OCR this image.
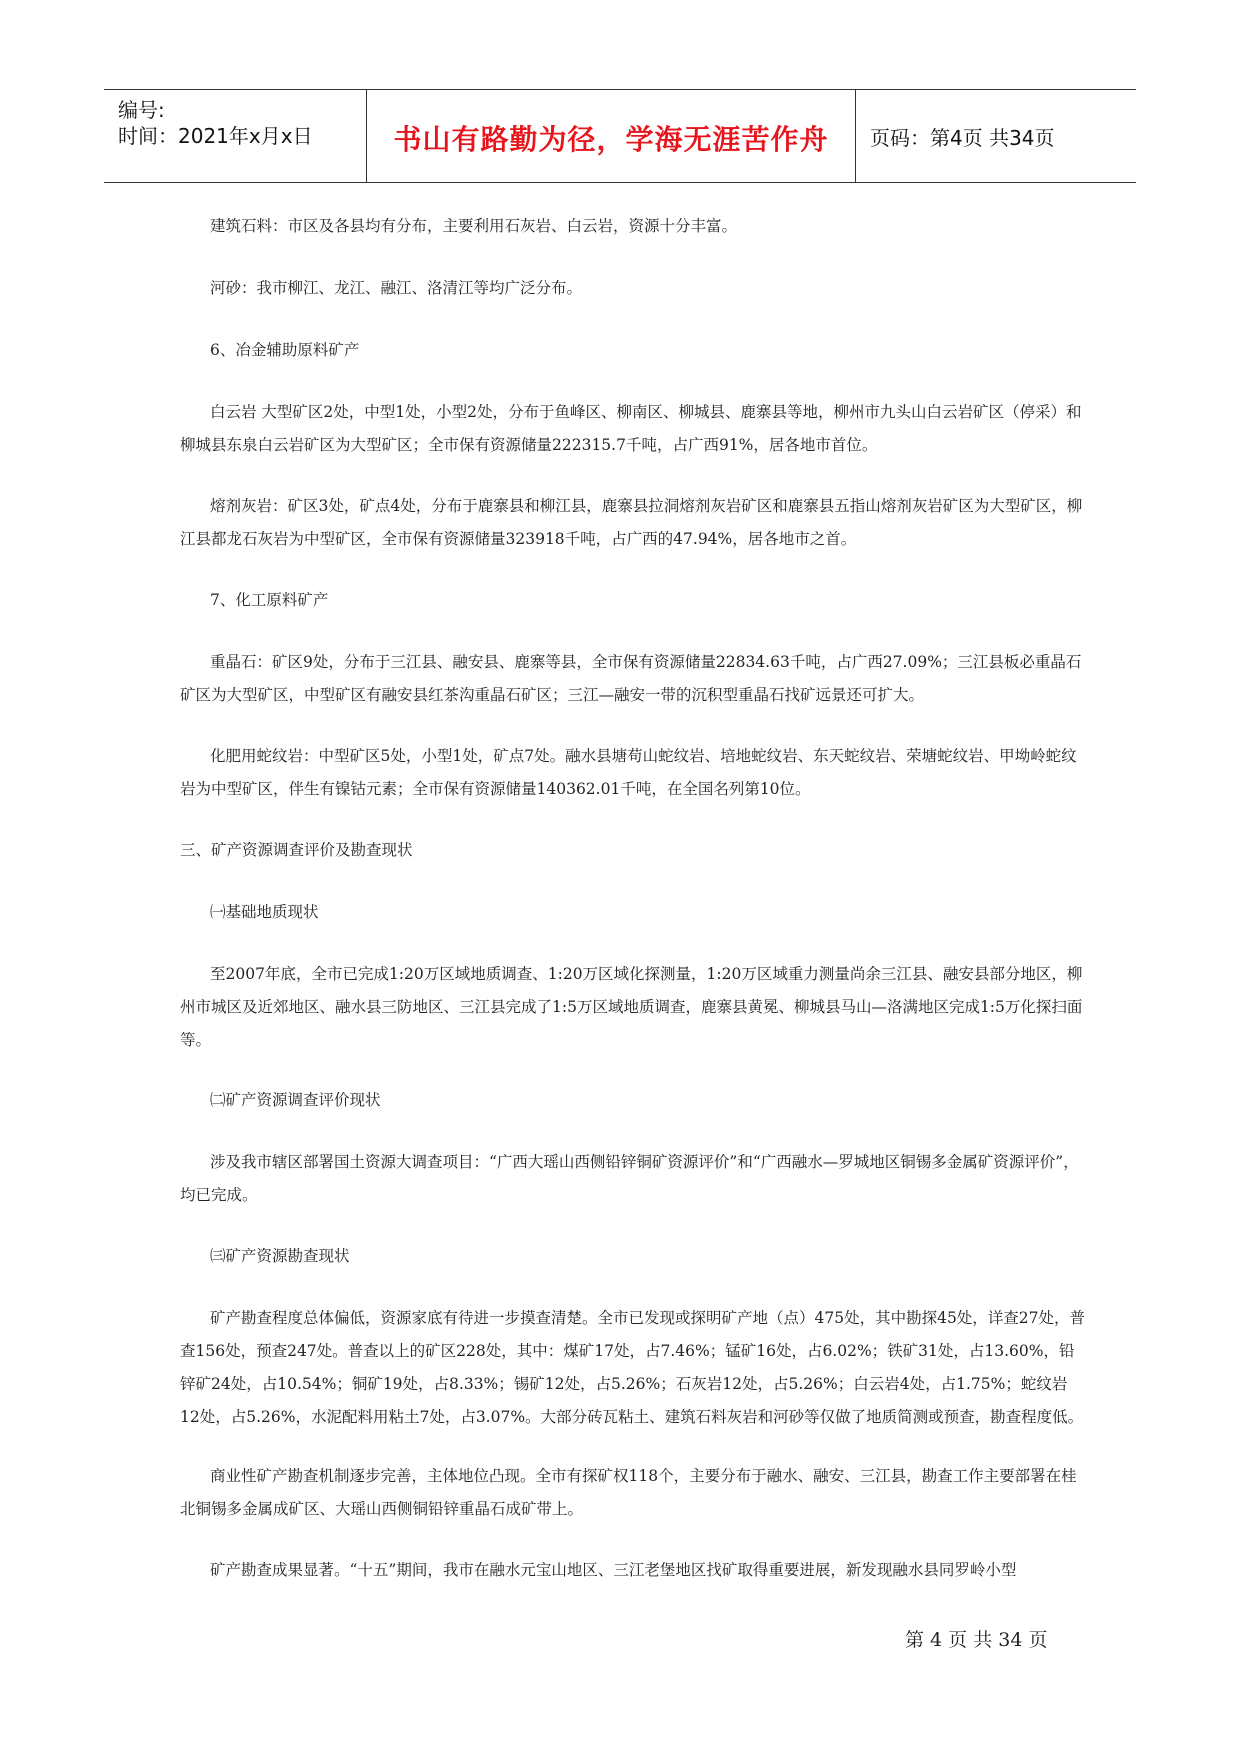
编号:
时间：2021年x月x日	书山有路勤为径，学海无涯苦作舟	页码：第4页 共34页

建筑石料：市区及各县均有分布，主要利用石灰岩、白云岩，资源十分丰富。

河砂：我市柳江、龙江、融江、洛清江等均广泛分布。

6、冶金辅助原料矿产

白云岩 大型矿区2处，中型1处，小型2处，分布于鱼峰区、柳南区、柳城县、鹿寨县等地，柳州市九头山白云岩矿区（停采）和柳城县东泉白云岩矿区为大型矿区；全市保有资源储量222315.7千吨，占广西91%，居各地市首位。

熔剂灰岩：矿区3处，矿点4处，分布于鹿寨县和柳江县，鹿寨县拉洞熔剂灰岩矿区和鹿寨县五指山熔剂灰岩矿区为大型矿区，柳江县都龙石灰岩为中型矿区，全市保有资源储量323918千吨，占广西的47.94%，居各地市之首。

7、化工原料矿产

重晶石：矿区9处，分布于三江县、融安县、鹿寨等县，全市保有资源储量22834.63千吨，占广西27.09%；三江县板必重晶石矿区为大型矿区，中型矿区有融安县红茶沟重晶石矿区；三江—融安一带的沉积型重晶石找矿远景还可扩大。

化肥用蛇纹岩：中型矿区5处，小型1处，矿点7处。融水县塘苟山蛇纹岩、培地蛇纹岩、东天蛇纹岩、荣塘蛇纹岩、甲坳岭蛇纹岩为中型矿区，伴生有镍钴元素；全市保有资源储量140362.01千吨，在全国名列第10位。

三、矿产资源调查评价及勘查现状

㈠基础地质现状

至2007年底，全市已完成1:20万区域地质调查、1:20万区域化探测量，1:20万区域重力测量尚余三江县、融安县部分地区，柳州市城区及近郊地区、融水县三防地区、三江县完成了1:5万区域地质调查，鹿寨县黄冕、柳城县马山—洛满地区完成1:5万化探扫面等。

㈡矿产资源调查评价现状

涉及我市辖区部署国土资源大调查项目：“广西大瑶山西侧铅锌铜矿资源评价”和“广西融水—罗城地区铜锡多金属矿资源评价”，均已完成。

㈢矿产资源勘查现状

矿产勘查程度总体偏低，资源家底有待进一步摸查清楚。全市已发现或探明矿产地（点）475处，其中勘探45处，详查27处，普查156处，预查247处。普查以上的矿区228处，其中：煤矿17处，占7.46%；锰矿16处，占6.02%；铁矿31处，占13.60%，铅锌矿24处，占10.54%；铜矿19处，占8.33%；锡矿12处，占5.26%；石灰岩12处，占5.26%；白云岩4处，占1.75%；蛇纹岩12处，占5.26%，水泥配料用粘土7处，占3.07%。大部分砖瓦粘土、建筑石料灰岩和河砂等仅做了地质简测或预查，勘查程度低。

商业性矿产勘查机制逐步完善，主体地位凸现。全市有探矿权118个，主要分布于融水、融安、三江县，勘查工作主要部署在桂北铜锡多金属成矿区、大瑶山西侧铜铅锌重晶石成矿带上。

矿产勘查成果显著。“十五”期间，我市在融水元宝山地区、三江老堡地区找矿取得重要进展，新发现融水县同罗岭小型

第 4 页 共 34 页
